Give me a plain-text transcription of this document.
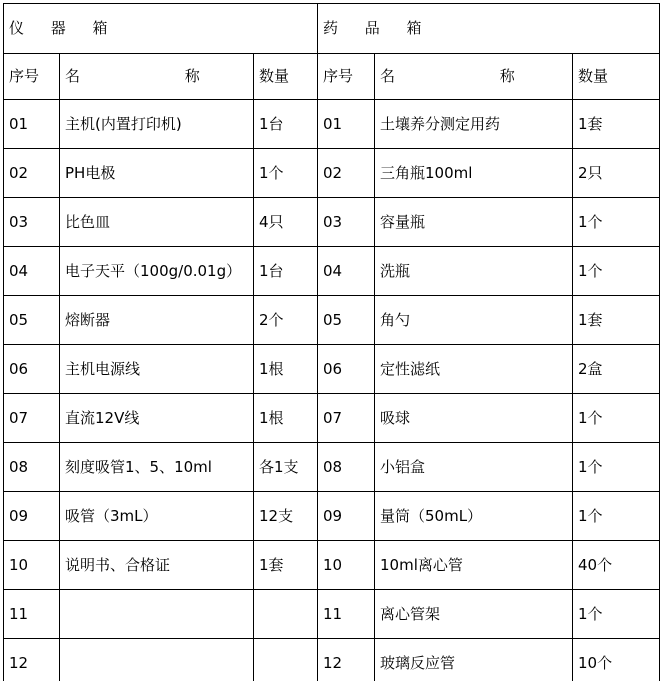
仪 器 箱			药 品 箱		
序号	名 称	数量	序号	名 称	数量
01	主机(内置打印机)	1台	01	土壤养分测定用药	1套
02	PH电极	1个	02	三角瓶100ml	2只
03	比色皿	4只	03	容量瓶	1个
04	电子天平（100g/0.01g）	1台	04	洗瓶	1个
05	熔断器	2个	05	角勺	1套
06	主机电源线	1根	06	定性滤纸	2盒
07	直流12V线	1根	07	吸球	1个
08	刻度吸管1、5、10ml	各1支	08	小铝盒	1个
09	吸管（3mL）	12支	09	量筒（50mL）	1个
10	说明书、合格证	1套	10	10ml离心管	40个
11			11	离心管架	1个
12			12	玻璃反应管	10个
